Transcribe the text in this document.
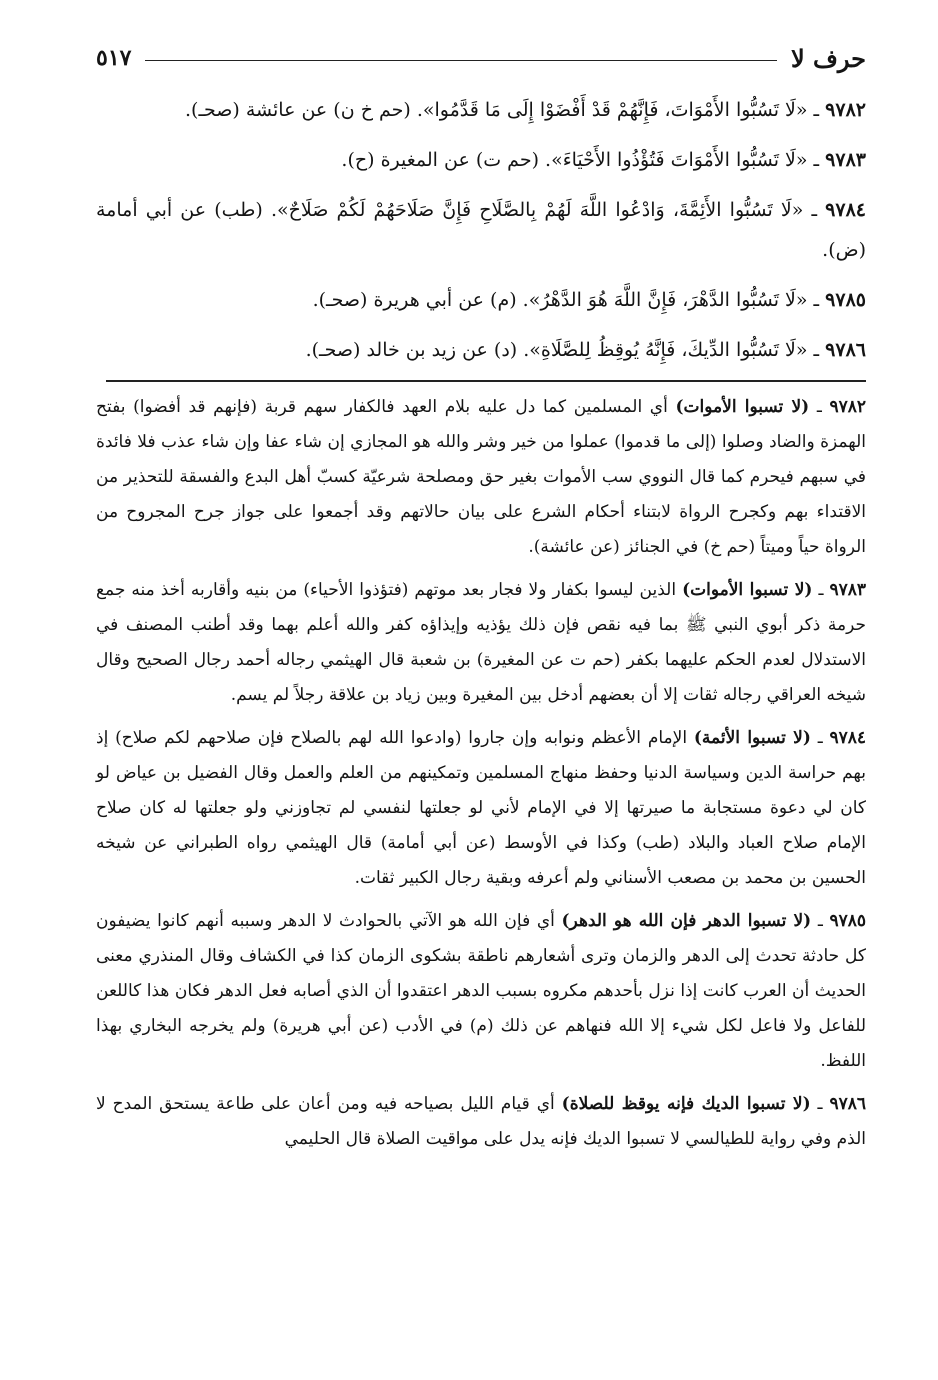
حرف لا
٥١٧

٩٧٨٢ ـ «لَا تَسُبُّوا الأَمْوَاتَ، فَإِنَّهُمْ قَدْ أَفْضَوْا إِلَى مَا قَدَّمُوا». (حم خ ن) عن عائشة (صحـ).

٩٧٨٣ ـ «لَا تَسُبُّوا الأَمْوَاتَ فَتُؤْذُوا الأَحْيَاءَ». (حم ت) عن المغيرة (ح).

٩٧٨٤ ـ «لَا تَسُبُّوا الأَئِمَّةَ، وَادْعُوا اللَّهَ لَهُمْ بِالصَّلَاحِ فَإِنَّ صَلَاحَهُمْ لَكُمْ صَلَاحٌ». (طب) عن أبي أمامة (ض).

٩٧٨٥ ـ «لَا تَسُبُّوا الدَّهْرَ، فَإِنَّ اللَّهَ هُوَ الدَّهْرُ». (م) عن أبي هريرة (صحـ).

٩٧٨٦ ـ «لَا تَسُبُّوا الدِّيكَ، فَإِنَّهُ يُوقِظُ لِلصَّلَاةِ». (د) عن زيد بن خالد (صحـ).

٩٧٨٢ ـ (لا تسبوا الأموات) أي المسلمين كما دل عليه بلام العهد فالكفار سهم قربة (فإنهم قد أفضوا) بفتح الهمزة والضاد وصلوا (إلى ما قدموا) عملوا من خير وشر والله هو المجازي إن شاء عفا وإن شاء عذب فلا فائدة في سبهم فيحرم كما قال النووي سب الأموات بغير حق ومصلحة شرعيّة كسبّ أهل البدع والفسقة للتحذير من الاقتداء بهم وكجرح الرواة لابتناء أحكام الشرع على بيان حالاتهم وقد أجمعوا على جواز جرح المجروح من الرواة حياً وميتاً (حم خ) في الجنائز (عن عائشة).

٩٧٨٣ ـ (لا تسبوا الأموات) الذين ليسوا بكفار ولا فجار بعد موتهم (فتؤذوا الأحياء) من بنيه وأقاربه أخذ منه جمع حرمة ذكر أبوي النبي ﷺ بما فيه نقص فإن ذلك يؤذيه وإيذاؤه كفر والله أعلم بهما وقد أطنب المصنف في الاستدلال لعدم الحكم عليهما بكفر (حم ت عن المغيرة) بن شعبة قال الهيثمي رجاله أحمد رجال الصحيح وقال شيخه العراقي رجاله ثقات إلا أن بعضهم أدخل بين المغيرة وبين زياد بن علاقة رجلاً لم يسم.

٩٧٨٤ ـ (لا تسبوا الأئمة) الإمام الأعظم ونوابه وإن جاروا (وادعوا الله لهم بالصلاح فإن صلاحهم لكم صلاح) إذ بهم حراسة الدين وسياسة الدنيا وحفظ منهاج المسلمين وتمكينهم من العلم والعمل وقال الفضيل بن عياض لو كان لي دعوة مستجابة ما صيرتها إلا في الإمام لأني لو جعلتها لنفسي لم تجاوزني ولو جعلتها له كان صلاح الإمام صلاح العباد والبلاد (طب) وكذا في الأوسط (عن أبي أمامة) قال الهيثمي رواه الطبراني عن شيخه الحسين بن محمد بن مصعب الأسناني ولم أعرفه وبقية رجال الكبير ثقات.

٩٧٨٥ ـ (لا تسبوا الدهر فإن الله هو الدهر) أي فإن الله هو الآتي بالحوادث لا الدهر وسببه أنهم كانوا يضيفون كل حادثة تحدث إلى الدهر والزمان وترى أشعارهم ناطقة بشكوى الزمان كذا في الكشاف وقال المنذري معنى الحديث أن العرب كانت إذا نزل بأحدهم مكروه بسبب الدهر اعتقدوا أن الذي أصابه فعل الدهر فكان هذا كاللعن للفاعل ولا فاعل لكل شيء إلا الله فنهاهم عن ذلك (م) في الأدب (عن أبي هريرة) ولم يخرجه البخاري بهذا اللفظ.

٩٧٨٦ ـ (لا تسبوا الديك فإنه يوقظ للصلاة) أي قيام الليل بصياحه فيه ومن أعان على طاعة يستحق المدح لا الذم وفي رواية للطيالسي لا تسبوا الديك فإنه يدل على مواقيت الصلاة قال الحليمي
